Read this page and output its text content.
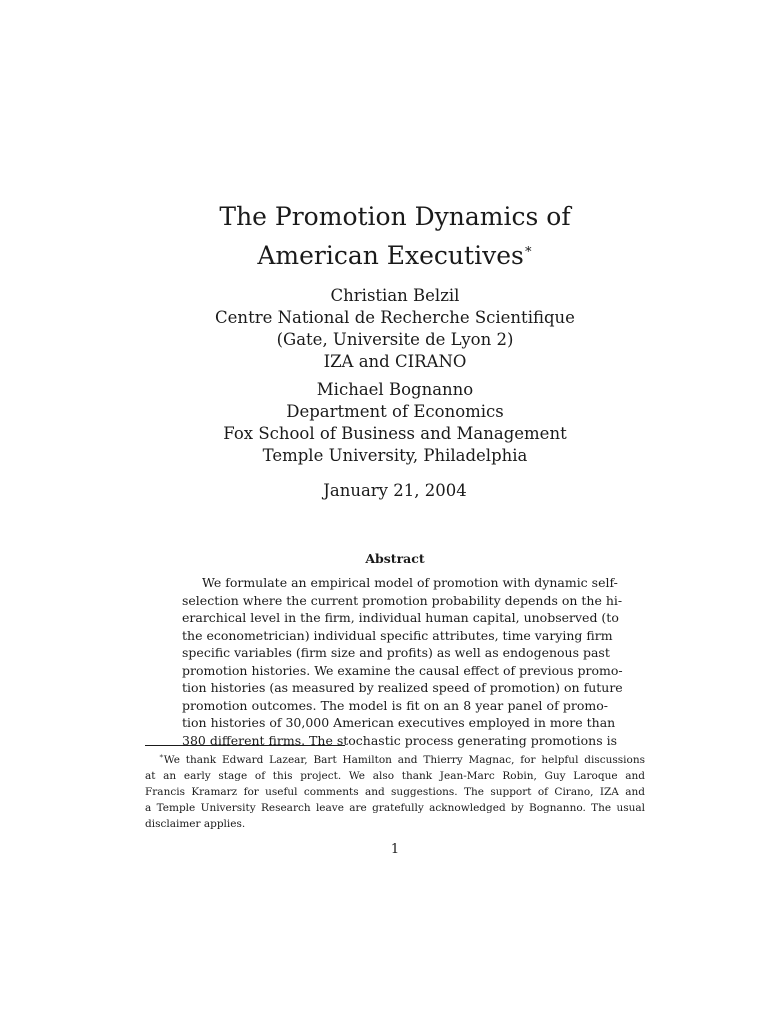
The Promotion Dynamics of
American Executives∗
Christian Belzil
Centre National de Recherche Scientifique
(Gate, Universite de Lyon 2)
IZA and CIRANO
Michael Bognanno
Department of Economics
Fox School of Business and Management
Temple University, Philadelphia
January 21, 2004
Abstract
We formulate an empirical model of promotion with dynamic self-
selection where the current promotion probability depends on the hi-
erarchical level in the firm, individual human capital, unobserved (to
the econometrician) individual specific attributes, time varying firm
specific variables (firm size and profits) as well as endogenous past
promotion histories. We examine the causal effect of previous promo-
tion histories (as measured by realized speed of promotion) on future
promotion outcomes. The model is fit on an 8 year panel of promo-
tion histories of 30,000 American executives employed in more than
380 different firms. The stochastic process generating promotions is
∗We thank Edward Lazear, Bart Hamilton and Thierry Magnac, for helpful discussions
at an early stage of this project. We also thank Jean-Marc Robin, Guy Laroque and
Francis Kramarz for useful comments and suggestions. The support of Cirano, IZA and
a Temple University Research leave are gratefully acknowledged by Bognanno. The usual
disclaimer applies.
1
